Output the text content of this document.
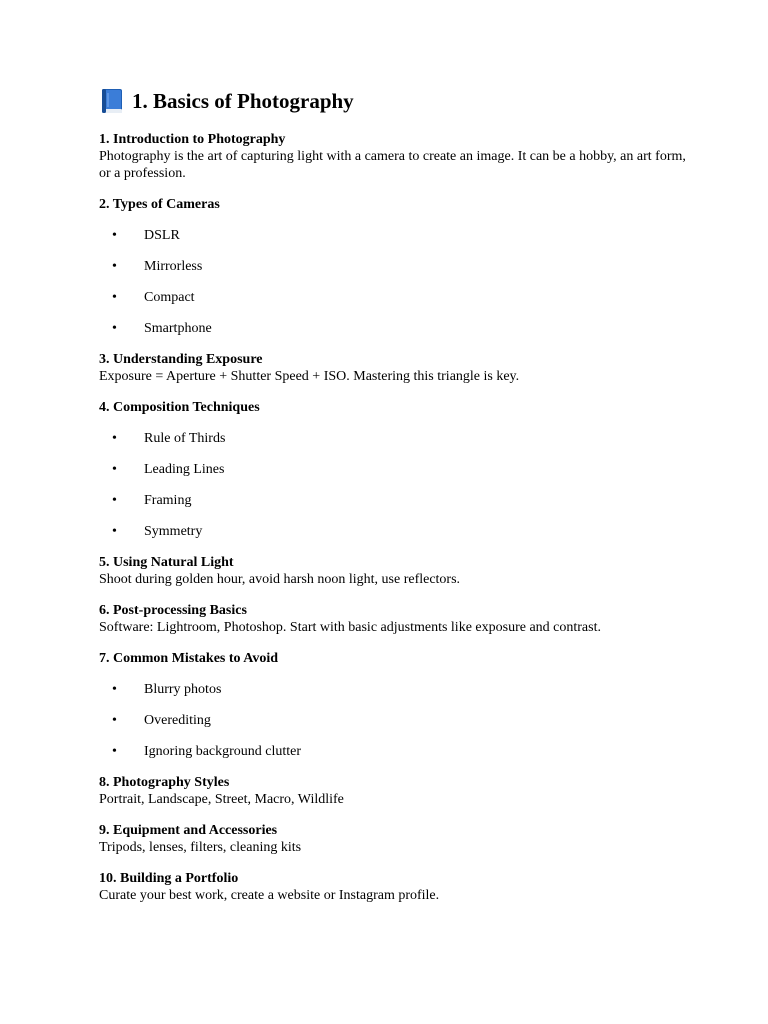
1. Basics of Photography

1. Introduction to Photography

Photography is the art of capturing light with a camera to create an image. It can be a hobby, an art form, or a profession.

2. Types of Cameras

• DSLR
• Mirrorless
• Compact
• Smartphone

3. Understanding Exposure

Exposure = Aperture + Shutter Speed + ISO. Mastering this triangle is key.

4. Composition Techniques

• Rule of Thirds
• Leading Lines
• Framing
• Symmetry

5. Using Natural Light

Shoot during golden hour, avoid harsh noon light, use reflectors.

6. Post-processing Basics

Software: Lightroom, Photoshop. Start with basic adjustments like exposure and contrast.

7. Common Mistakes to Avoid

• Blurry photos
• Overediting
• Ignoring background clutter

8. Photography Styles

Portrait, Landscape, Street, Macro, Wildlife

9. Equipment and Accessories

Tripods, lenses, filters, cleaning kits

10. Building a Portfolio

Curate your best work, create a website or Instagram profile.
